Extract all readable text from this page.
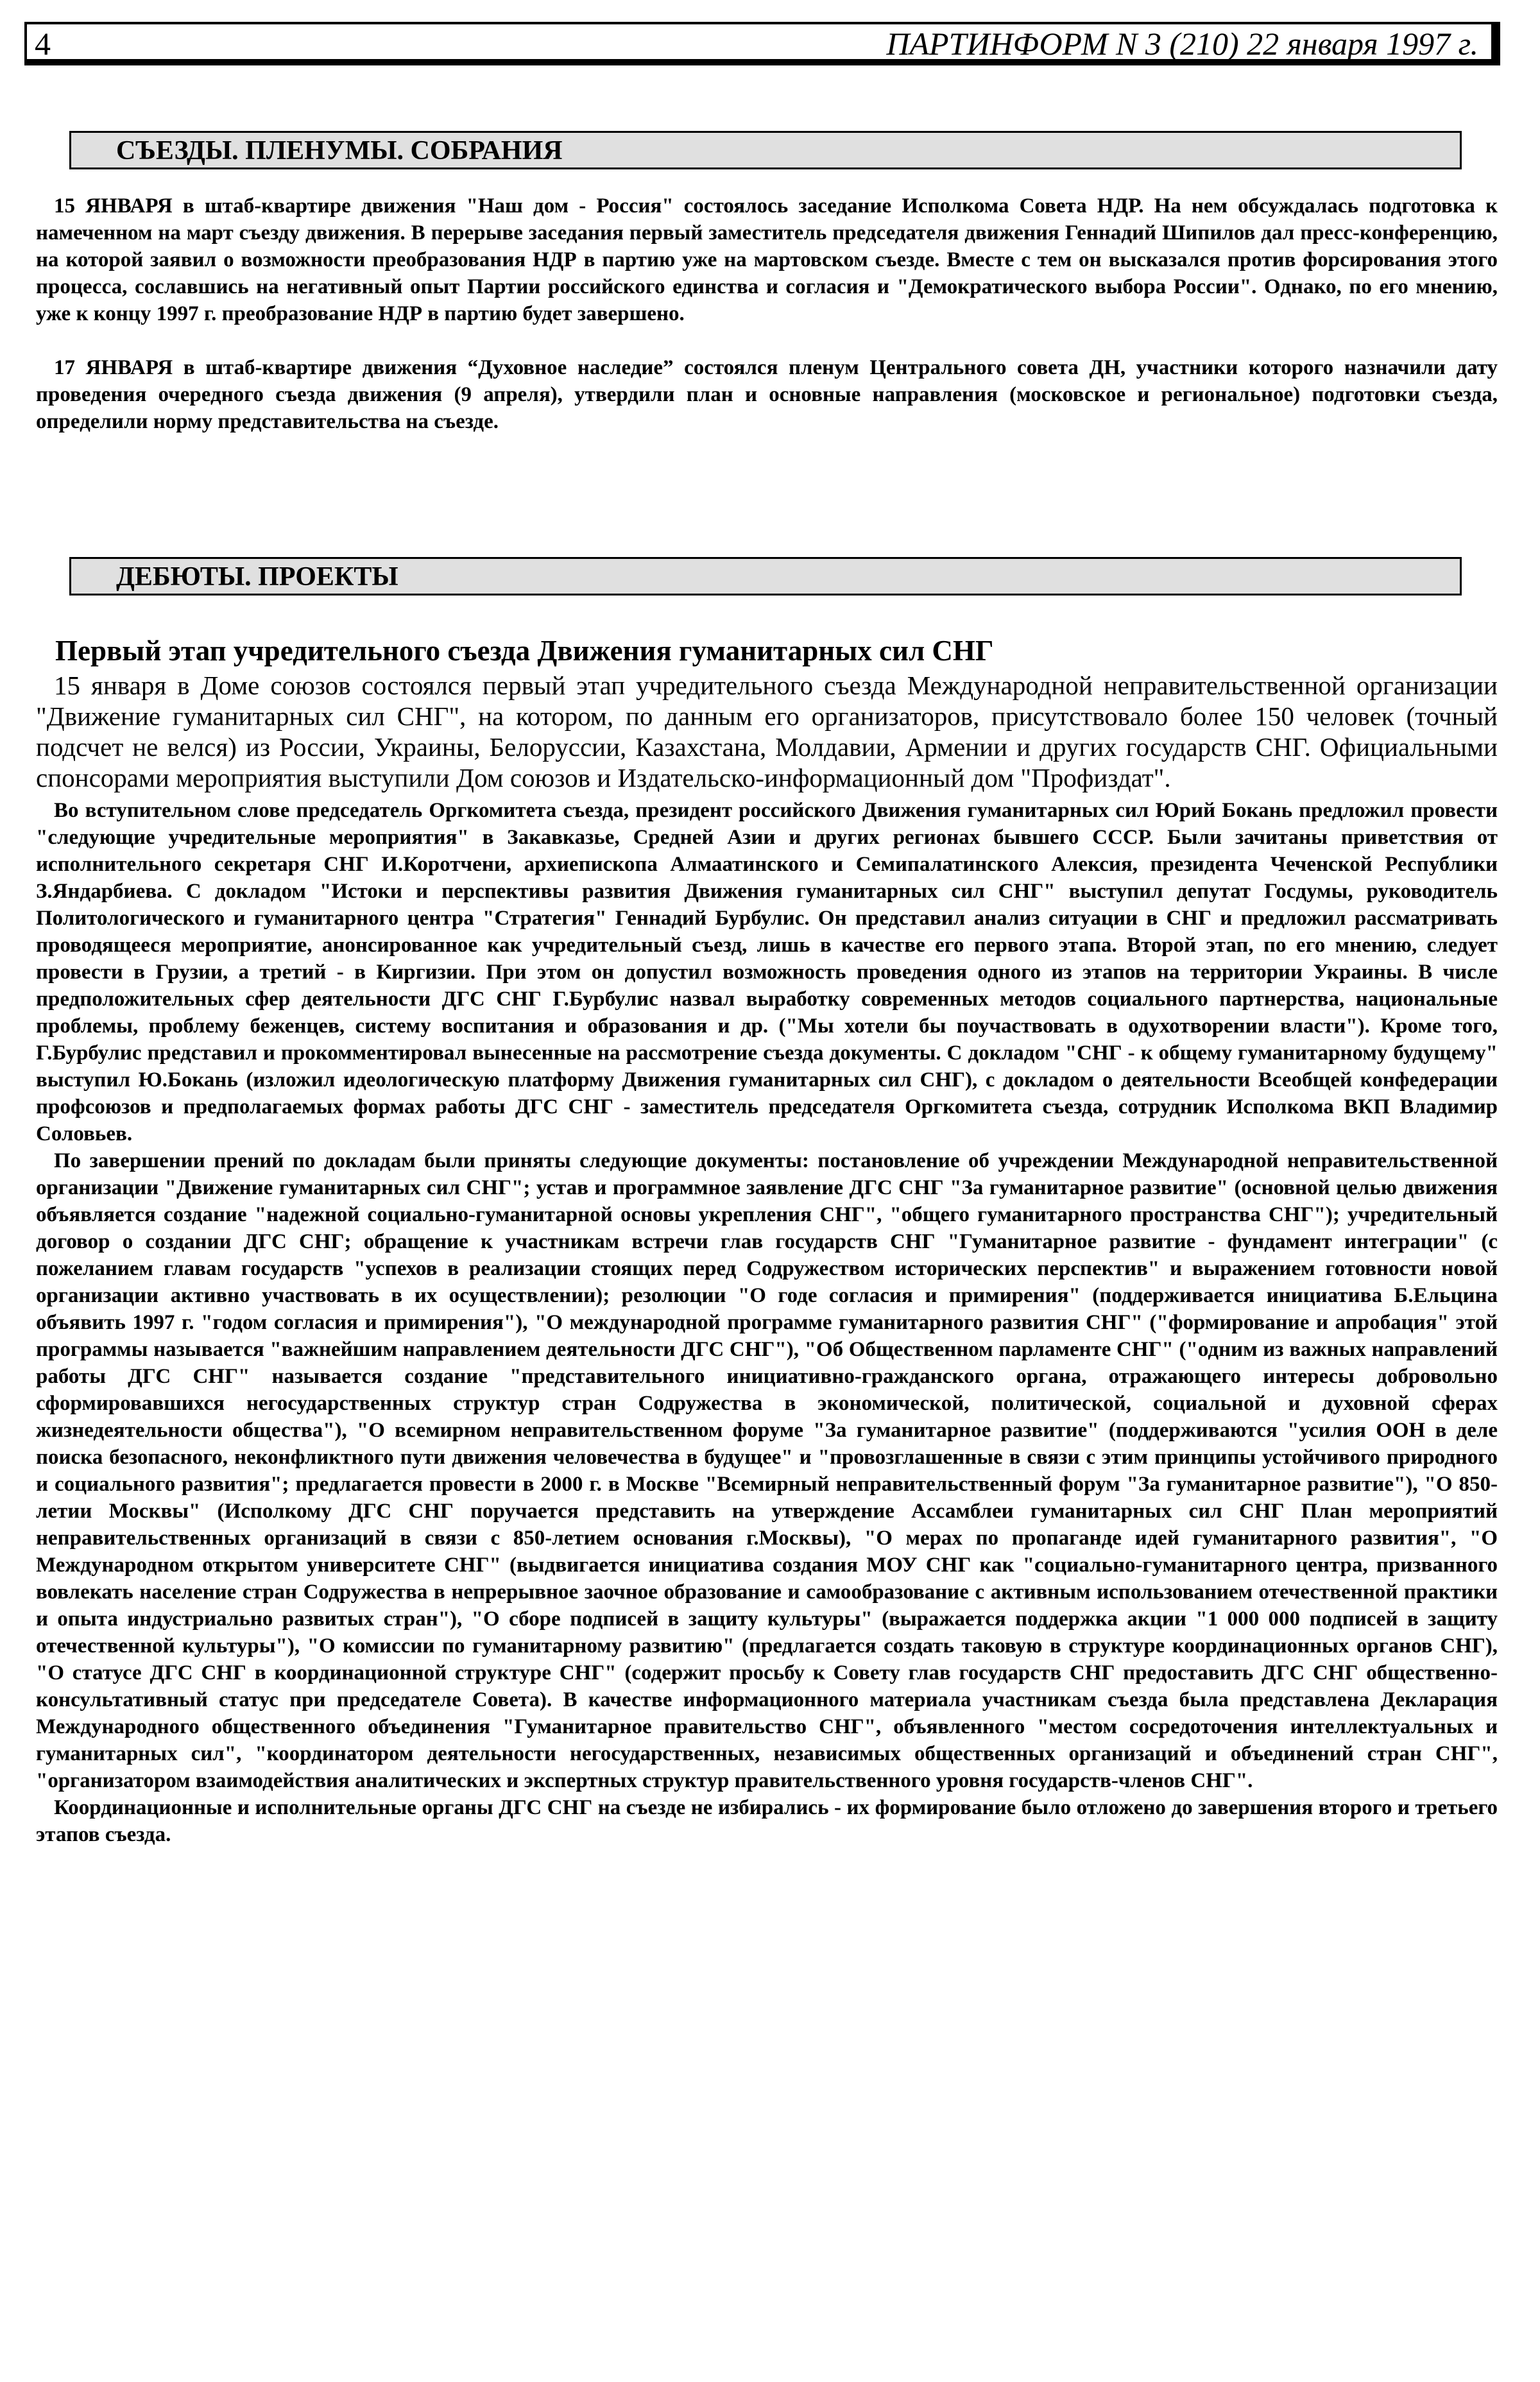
4	ПАРТИНФОРМ N 3 (210) 22 января 1997 г.
СЪЕЗДЫ. ПЛЕНУМЫ. СОБРАНИЯ

15 ЯНВАРЯ в штаб-квартире движения "Наш дом - Россия" состоялось заседание Исполкома Совета НДР. На нем обсуждалась подготовка к намеченном на март съезду движения. В перерыве заседания первый заместитель председателя движения Геннадий Шипилов дал пресс-конференцию, на которой заявил о возможности преобразования НДР в партию уже на мартовском съезде. Вместе с тем он высказался против форсирования этого процесса, сославшись на негативный опыт Партии российского единства и согласия и "Демократического выбора России". Однако, по его мнению, уже к концу 1997 г. преобразование НДР в партию будет завершено.

17 ЯНВАРЯ в штаб-квартире движения “Духовное наследие” состоялся пленум Центрального совета ДН, участники которого назначили дату проведения очередного съезда движения (9 апреля), утвердили план и основные направления (московское и региональное) подготовки съезда, определили норму представительства на съезде.

ДЕБЮТЫ. ПРОЕКТЫ
Первый этап учредительного съезда Движения гуманитарных сил СНГ

15 января в Доме союзов состоялся первый этап учредительного съезда Международной неправительственной организации "Движение гуманитарных сил СНГ", на котором, по данным его организаторов, присутствовало более 150 человек (точный подсчет не велся) из России, Украины, Белоруссии, Казахстана, Молдавии, Армении и других государств СНГ. Официальными спонсорами мероприятия выступили Дом союзов и Издательско-информационный дом "Профиздат".

Во вступительном слове председатель Оргкомитета съезда, президент российского Движения гуманитарных сил Юрий Бокань предложил провести "следующие учредительные мероприятия" в Закавказье, Средней Азии и других регионах бывшего СССР. Были зачитаны приветствия от исполнительного секретаря СНГ И.Коротчени, архиепископа Алмаатинского и Семипалатинского Алексия, президента Чеченской Республики З.Яндарбиева. С докладом "Истоки и перспективы развития Движения гуманитарных сил СНГ" выступил депутат Госдумы, руководитель Политологического и гуманитарного центра "Стратегия" Геннадий Бурбулис. Он представил анализ ситуации в СНГ и предложил рассматривать проводящееся мероприятие, анонсированное как учредительный съезд, лишь в качестве его первого этапа. Второй этап, по его мнению, следует провести в Грузии, а третий - в Киргизии. При этом он допустил возможность проведения одного из этапов на территории Украины. В числе предположительных сфер деятельности ДГС СНГ Г.Бурбулис назвал выработку современных методов социального партнерства, национальные проблемы, проблему беженцев, систему воспитания и образования и др. ("Мы хотели бы поучаствовать в одухотворении власти"). Кроме того, Г.Бурбулис представил и прокомментировал вынесенные на рассмотрение съезда документы. С докладом "СНГ - к общему гуманитарному будущему" выступил Ю.Бокань (изложил идеологическую платформу Движения гуманитарных сил СНГ), с докладом о деятельности Всеобщей конфедерации профсоюзов и предполагаемых формах работы ДГС СНГ - заместитель председателя Оргкомитета съезда, сотрудник Исполкома ВКП Владимир Соловьев.

По завершении прений по докладам были приняты следующие документы: постановление об учреждении Международной неправительственной организации "Движение гуманитарных сил СНГ"; устав и программное заявление ДГС СНГ "За гуманитарное развитие" (основной целью движения объявляется создание "надежной социально-гуманитарной основы укрепления СНГ", "общего гуманитарного пространства СНГ"); учредительный договор о создании ДГС СНГ; обращение к участникам встречи глав государств СНГ "Гуманитарное развитие - фундамент интеграции" (с пожеланием главам государств "успехов в реализации стоящих перед Содружеством исторических перспектив" и выражением готовности новой организации активно участвовать в их осуществлении); резолюции "О годе согласия и примирения" (поддерживается инициатива Б.Ельцина объявить 1997 г. "годом согласия и примирения"), "О международной программе гуманитарного развития СНГ" ("формирование и апробация" этой программы называется "важнейшим направлением деятельности ДГС СНГ"), "Об Общественном парламенте СНГ" ("одним из важных направлений работы ДГС СНГ" называется создание "представительного инициативно-гражданского органа, отражающего интересы добровольно сформировавшихся негосударственных структур стран Содружества в экономической, политической, социальной и духовной сферах жизнедеятельности общества"), "О всемирном неправительственном форуме "За гуманитарное развитие" (поддерживаются "усилия ООН в деле поиска безопасного, неконфликтного пути движения человечества в будущее" и "провозглашенные в связи с этим принципы устойчивого природного и социального развития"; предлагается провести в 2000 г. в Москве "Всемирный неправительственный форум "За гуманитарное развитие"), "О 850-летии Москвы" (Исполкому ДГС СНГ поручается представить на утверждение Ассамблеи гуманитарных сил СНГ План мероприятий неправительственных организаций в связи с 850-летием основания г.Москвы), "О мерах по пропаганде идей гуманитарного развития", "О Международном открытом университете СНГ" (выдвигается инициатива создания МОУ СНГ как "социально-гуманитарного центра, призванного вовлекать население стран Содружества в непрерывное заочное образование и самообразование с активным использованием отечественной практики и опыта индустриально развитых стран"), "О сборе подписей в защиту культуры" (выражается поддержка акции "1 000 000 подписей в защиту отечественной культуры"), "О комиссии по гуманитарному развитию" (предлагается создать таковую в структуре координационных органов СНГ), "О статусе ДГС СНГ в координационной структуре СНГ" (содержит просьбу к Совету глав государств СНГ предоставить ДГС СНГ общественно-консультативный статус при председателе Совета). В качестве информационного материала участникам съезда была представлена Декларация Международного общественного объединения "Гуманитарное правительство СНГ", объявленного "местом сосредоточения интеллектуальных и гуманитарных сил", "координатором деятельности негосударственных, независимых общественных организаций и объединений стран СНГ", "организатором взаимодействия аналитических и экспертных структур правительственного уровня государств-членов СНГ".

Координационные и исполнительные органы ДГС СНГ на съезде не избирались - их формирование было отложено до завершения второго и третьего этапов съезда.
